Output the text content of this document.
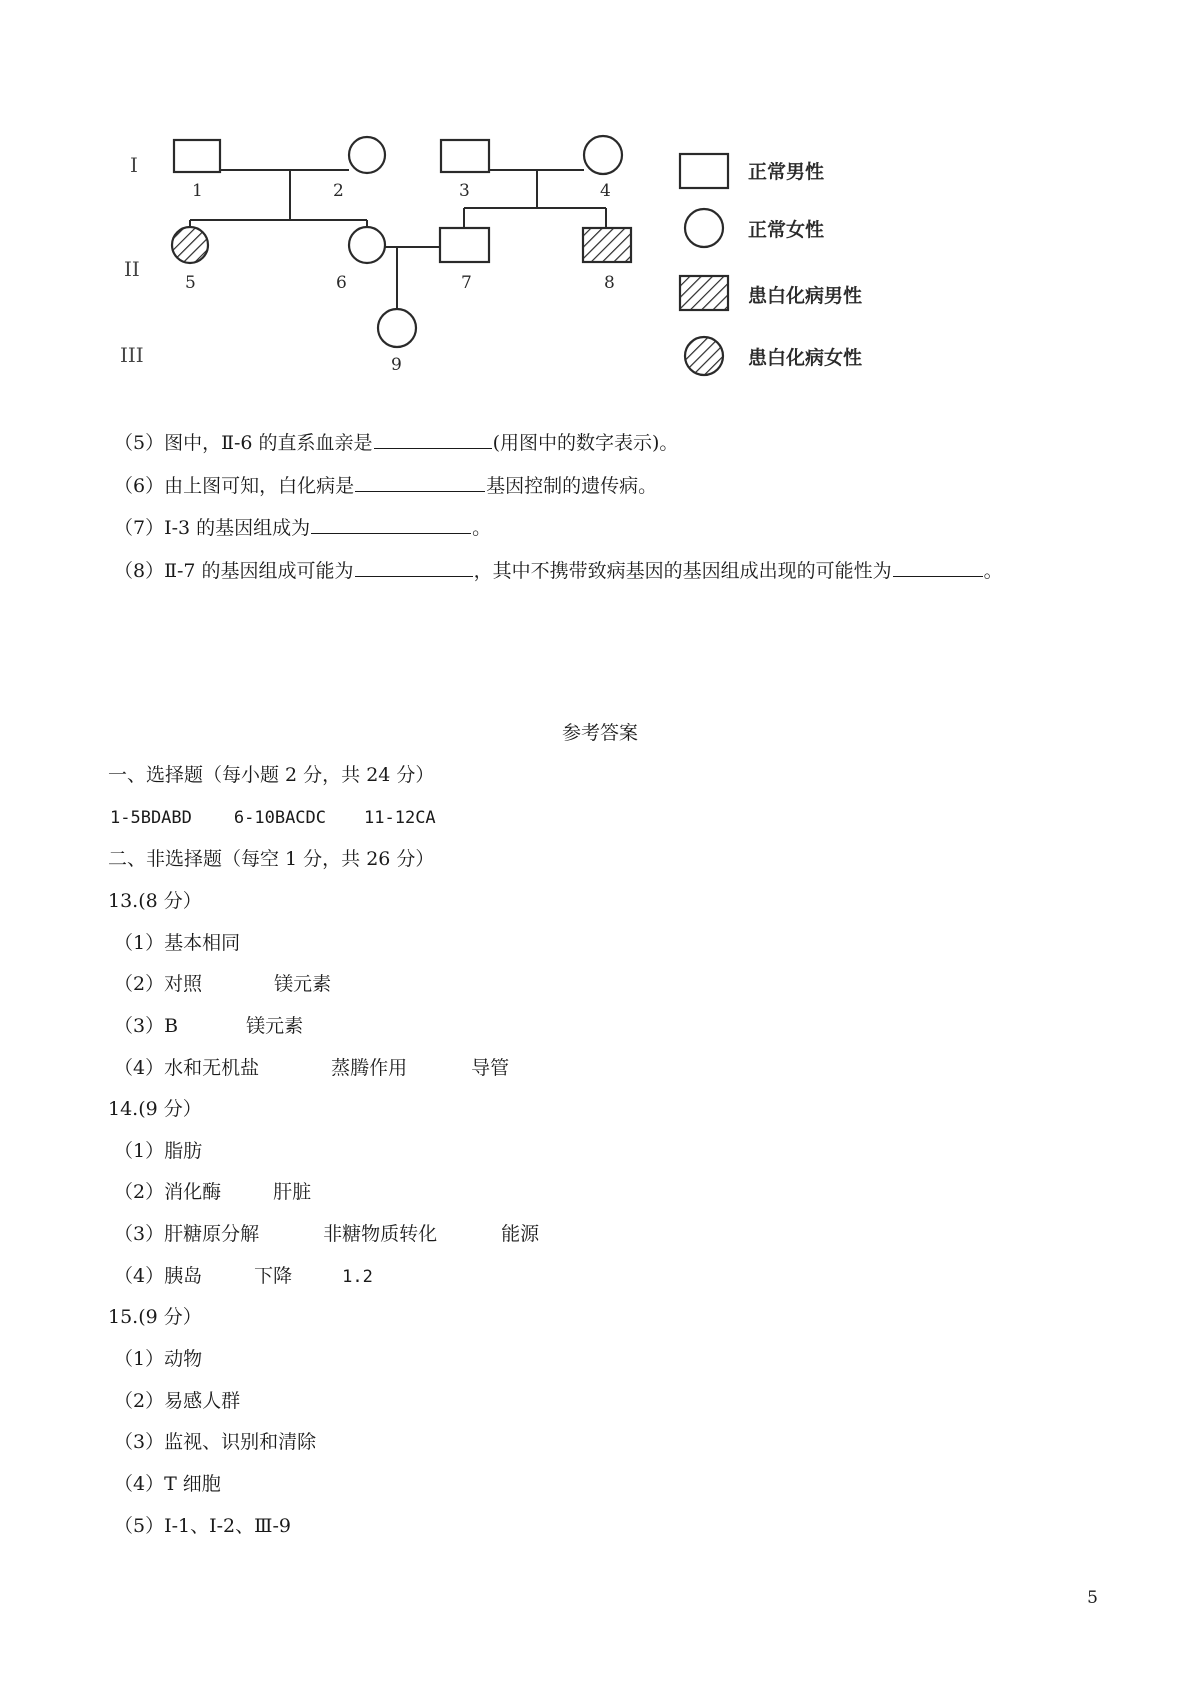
I
II
III
1	2	3	4
5	6	7	8
9
正常男性
正常女性
患白化病男性
患白化病女性
（5）图中，Ⅱ-6 的直系血亲是	(用图中的数字表示)。
（6）由上图可知，白化病是	基因控制的遗传病。
（7）Ⅰ-3 的基因组成为	。
（8）Ⅱ-7 的基因组成可能为	，其中不携带致病基因的基因组成出现的可能性为	。
参考答案
一、选择题（每小题 2 分，共 24 分）
1-5BDABD 6-10BACDC 11-12CA
二、非选择题（每空 1 分，共 26 分）
13.(8 分）
（1）基本相同
（2）对照	镁元素
（3）B	镁元素
（4）水和无机盐	蒸腾作用	导管
14.(9 分）
（1）脂肪
（2）消化酶	肝脏
（3）肝糖原分解	非糖物质转化	能源
（4）胰岛	下降	1.2
15.(9 分）
（1）动物
（2）易感人群
（3）监视、识别和清除
（4）T 细胞
（5）Ⅰ-1、Ⅰ-2、Ⅲ-9
5
